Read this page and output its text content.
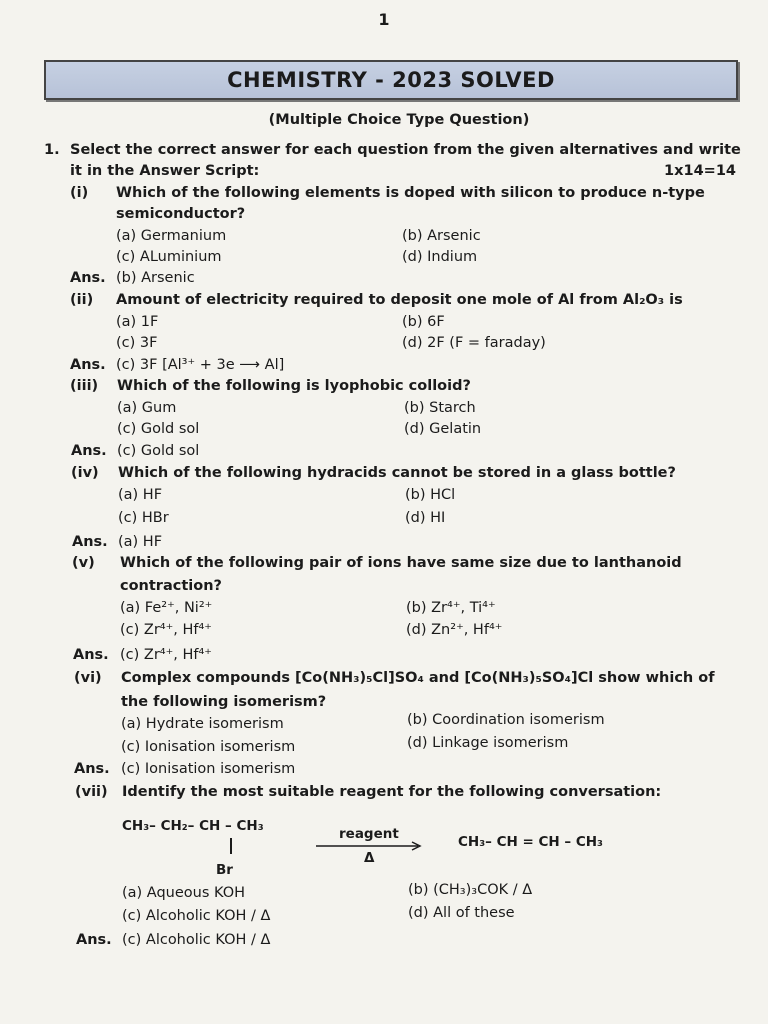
1
CHEMISTRY - 2023 SOLVED
(Multiple Choice Type Question)
1. Select the correct answer for each question from the given alternatives and write
it in the Answer Script:	1x14=14
(i) Which of the following elements is doped with silicon to produce n-type
semiconductor?
(a) Germanium	(b) Arsenic
(c) ALuminium	(d) Indium
Ans. (b) Arsenic
(ii) Amount of electricity required to deposit one mole of Al from Al₂O₃ is
(a) 1F	(b) 6F
(c) 3F	(d) 2F (F = faraday)
Ans. (c) 3F [Al³⁺ + 3e ⟶ Al]
(iii) Which of the following is lyophobic colloid?
(a) Gum	(b) Starch
(c) Gold sol	(d) Gelatin
Ans. (c) Gold sol
(iv) Which of the following hydracids cannot be stored in a glass bottle?
(a) HF	(b) HCl
(c) HBr	(d) HI
Ans. (a) HF
(v) Which of the following pair of ions have same size due to lanthanoid
contraction?
(a) Fe²⁺, Ni²⁺	(b) Zr⁴⁺, Ti⁴⁺
(c) Zr⁴⁺, Hf⁴⁺	(d) Zn²⁺, Hf⁴⁺
Ans. (c) Zr⁴⁺, Hf⁴⁺
(vi) Complex compounds [Co(NH₃)₅Cl]SO₄ and [Co(NH₃)₅SO₄]Cl show which of
the following isomerism?
(a) Hydrate isomerism	(b) Coordination isomerism
(c) Ionisation isomerism	(d) Linkage isomerism
Ans. (c) Ionisation isomerism
(vii) Identify the most suitable reagent for the following conversation:
CH₃– CH₂– CH – CH₃
Br
reagent
Δ
CH₃– CH = CH – CH₃
(a) Aqueous KOH	(b) (CH₃)₃COK / Δ
(c) Alcoholic KOH / Δ	(d) All of these
Ans. (c) Alcoholic KOH / Δ
